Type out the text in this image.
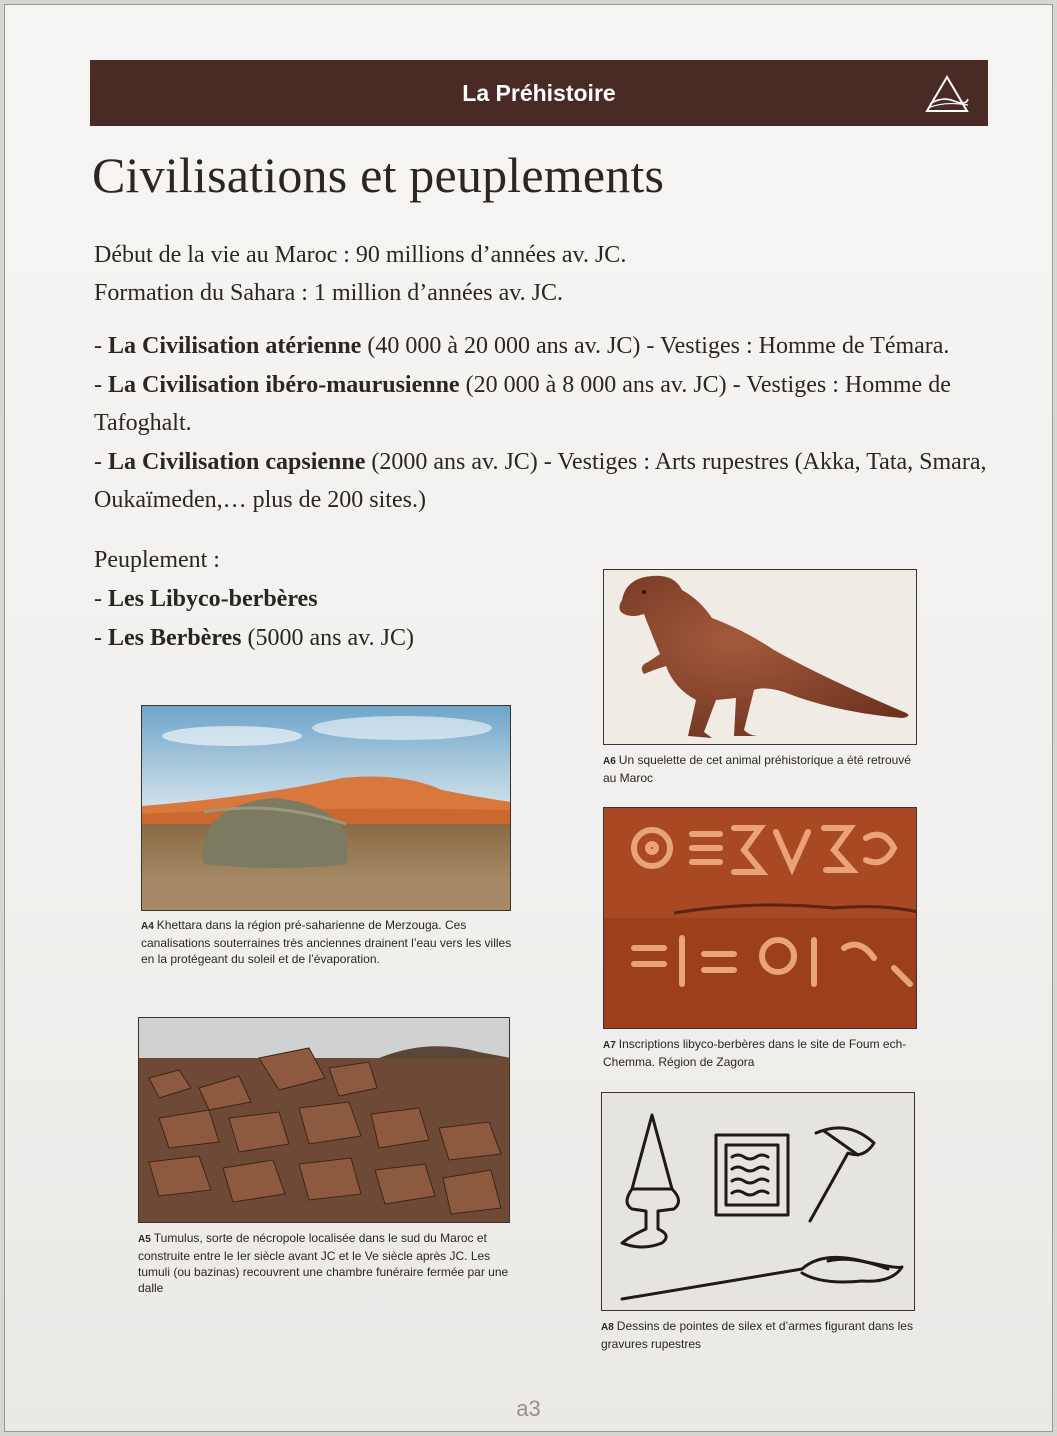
La Préhistoire
Civilisations et peuplements
Début de la vie au Maroc : 90 millions d’années av. JC.
Formation du Sahara : 1 million d’années av. JC.

- La Civilisation atérienne (40 000 à 20 000 ans av. JC) - Vestiges : Homme de Témara.

- La Civilisation ibéro-maurusienne (20 000 à 8 000 ans av. JC) - Vestiges : Homme de Tafoghalt.

- La Civilisation capsienne (2000 ans av. JC) - Vestiges : Arts rupestres (Akka, Tata, Smara, Oukaïmeden,… plus de 200 sites.)

Peuplement :
- Les Libyco-berbères
- Les Berbères (5000 ans av. JC)
A6 Un squelette de cet animal préhistorique a été retrouvé au Maroc
A4 Khettara dans la région pré-saharienne de Merzouga. Ces canalisations souterraines très anciennes drainent l’eau vers les villes en la protégeant du soleil et de l’évaporation.
A7 Inscriptions libyco-berbères dans le site de Foum ech-Chemma. Région de Zagora
A5 Tumulus, sorte de nécropole localisée dans le sud du Maroc et construite entre le Ier siècle avant JC et le Ve siècle après JC. Les tumuli (ou bazinas) recouvrent une chambre funéraire fermée par une dalle
A8 Dessins de pointes de silex et d’armes figurant dans les gravures rupestres
a3
